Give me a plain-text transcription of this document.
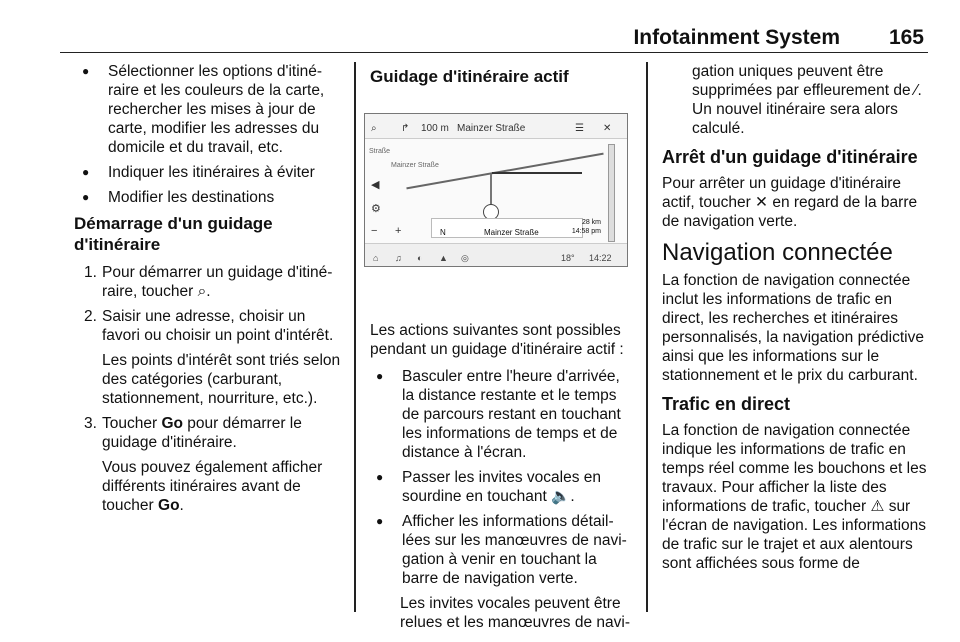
Infotainment System 165
● Sélectionner les options d'itinéraire et les couleurs de la carte, rechercher les mises à jour de carte, modifier les adresses du domicile et du travail, etc.
● Indiquer les itinéraires à éviter
● Modifier les destinations
Démarrage d'un guidage d'itinéraire
1. Pour démarrer un guidage d'itinéraire, toucher ⌕.

2. Saisir une adresse, choisir un favori ou choisir un point d'intérêt.

Les points d'intérêt sont triés selon des catégories (carburant, stationnement, nourriture, etc.).

3. Toucher Go pour démarrer le guidage d'itinéraire.

Vous pouvez également afficher différents itinéraires avant de toucher Go.

Guidage d'itinéraire actif
⌕ ↱ 100 m Mainzer Straße	☰ ✕
Straße
Mainzer Straße
◀
⚙
− +	N	Mainzer Straße
28 km
14:58 pm
⌂ ♫ ◐ ▲ ◎	18° 14:22

Les actions suivantes sont possibles pendant un guidage d'itinéraire actif :

● Basculer entre l'heure d'arrivée, la distance restante et le temps de parcours restant en touchant les informations de temps et de distance à l'écran.
● Passer les invites vocales en sourdine en touchant 🔈.
● Afficher les informations détaillées sur les manœuvres de navigation à venir en touchant la barre de navigation verte.

Les invites vocales peuvent être relues et les manœuvres de navi-

gation uniques peuvent être supprimées par effleurement de ⁄. Un nouvel itinéraire sera alors calculé.

Arrêt d'un guidage d'itinéraire

Pour arrêter un guidage d'itinéraire actif, toucher ✕ en regard de la barre de navigation verte.

Navigation connectée

La fonction de navigation connectée inclut les informations de trafic en direct, les recherches et itinéraires personnalisés, la navigation prédictive ainsi que les informations sur le stationnement et le prix du carburant.

Trafic en direct

La fonction de navigation connectée indique les informations de trafic en temps réel comme les bouchons et les travaux. Pour afficher la liste des informations de trafic, toucher ⚠ sur l'écran de navigation. Les informations de trafic sur le trajet et aux alentours sont affichées sous forme de
